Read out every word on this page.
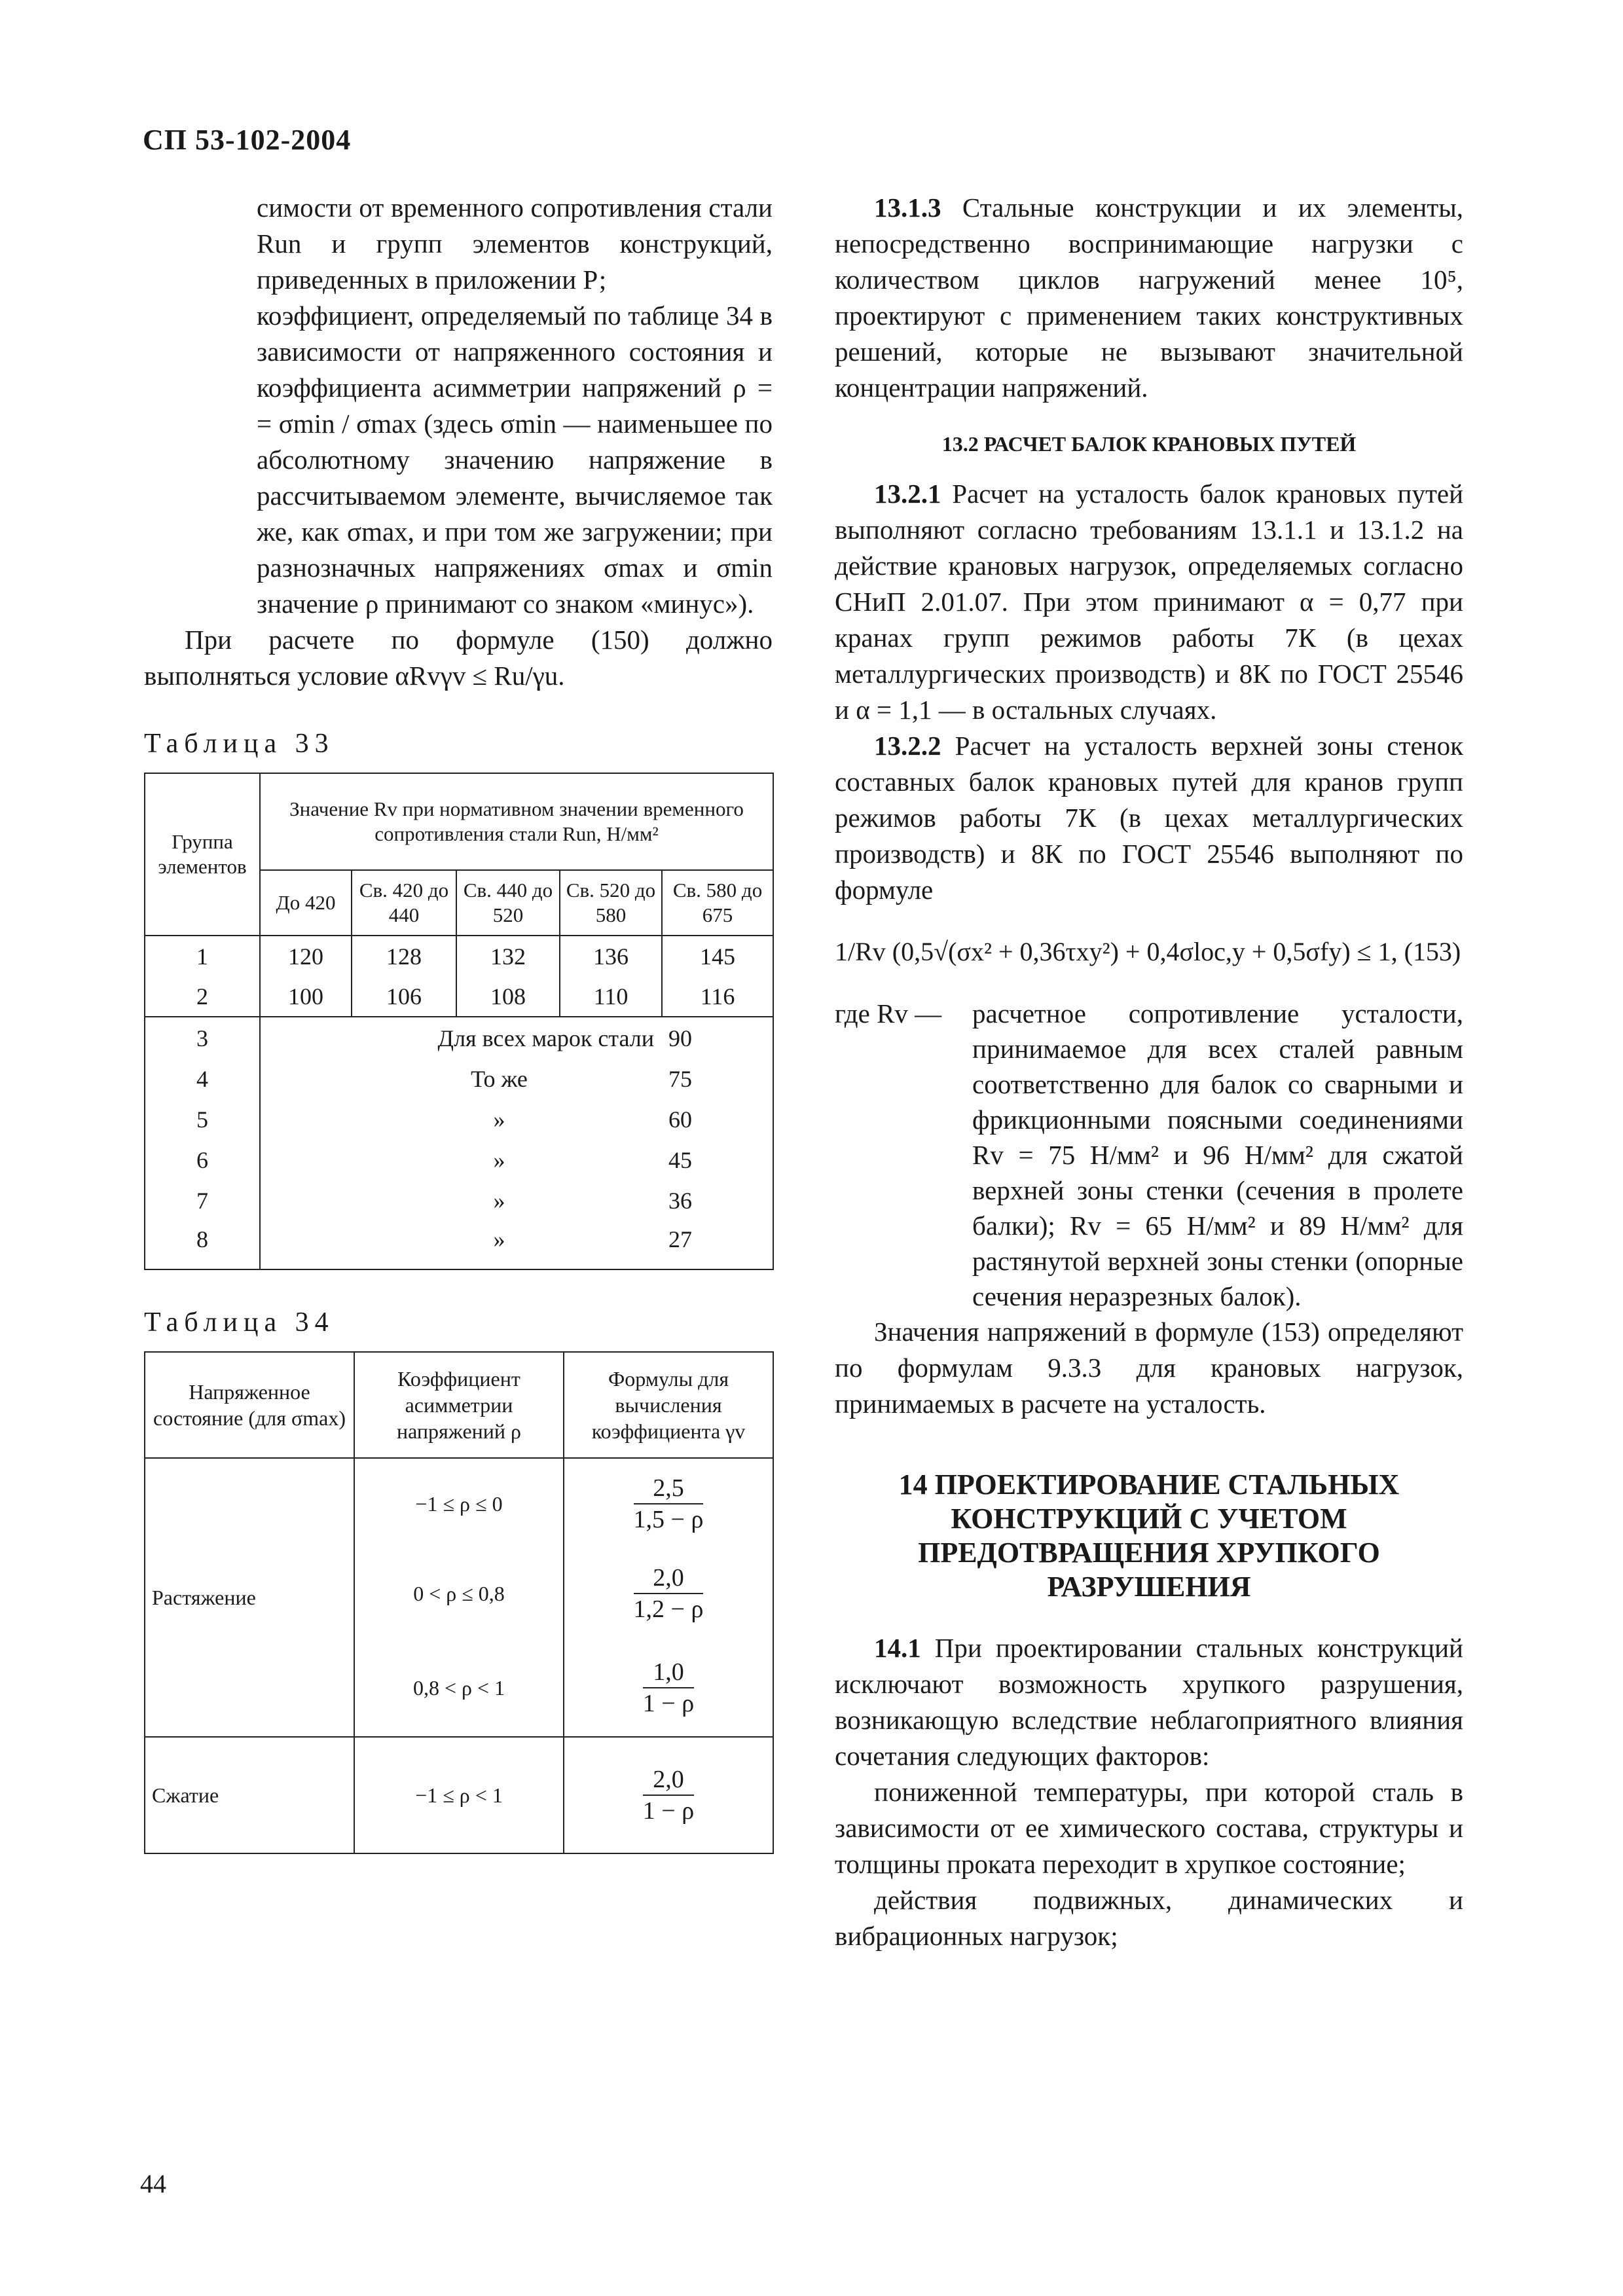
СП 53-102-2004

симости от временного сопротивления стали Run и групп элементов конструкций, приведенных в приложении Р;

коэффициент, определяемый по таблице 34 в зависимости от напряженного состояния и коэффициента асимметрии напряжений ρ = = σmin / σmax (здесь σmin — наименьшее по абсолютному значению напряжение в рассчитываемом элементе, вычисляемое так же, как σmax, и при том же загружении; при разнозначных напряжениях σmax и σmin значение ρ принимают со знаком «минус»).

При расчете по формуле (150) должно выполняться условие αRvγv ≤ Ru/γu.

Таблица 33

Группа элементов	Значение Rv при нормативном значении временного сопротивления стали Run, Н/мм²				
	До 420	Св. 420 до 440	Св. 440 до 520	Св. 520 до 580	Св. 580 до 675
1	120	128	132	136	145
2	100	106	108	110	116
3	Для всех марок стали				90
4	То же				75
5	»				60
6	»				45
7	»				36
8	»				27

Таблица 34

Напряженное состояние (для σmax)	Коэффициент асимметрии напряжений ρ	Формулы для вычисления коэффициента γv
Растяжение	−1 ≤ ρ ≤ 0	$\frac{2,5}{1,5 - \rho}$

	0 < ρ ≤ 0,8	$\frac{2,0}{1,2 - \rho}$

	0,8 < ρ < 1	$\frac{1,0}{1 - \rho}$

Сжатие	−1 ≤ ρ < 1	$\frac{2,0}{1 - \rho}$

13.1.3 Стальные конструкции и их элементы, непосредственно воспринимающие нагрузки с количеством циклов нагружений менее 10⁵, проектируют с применением таких конструктивных решений, которые не вызывают значительной концентрации напряжений.

13.2 РАСЧЕТ БАЛОК КРАНОВЫХ ПУТЕЙ

13.2.1 Расчет на усталость балок крановых путей выполняют согласно требованиям 13.1.1 и 13.1.2 на действие крановых нагрузок, определяемых согласно СНиП 2.01.07. При этом принимают α = 0,77 при кранах групп режимов работы 7К (в цехах металлургических производств) и 8К по ГОСТ 25546 и α = 1,1 — в остальных случаях.

13.2.2 Расчет на усталость верхней зоны стенок составных балок крановых путей для кранов групп режимов работы 7К (в цехах металлургических производств) и 8К по ГОСТ 25546 выполняют по формуле

1/Rv (0,5√(σx² + 0,36τxy²) + 0,4σloc,y + 0,5σfy) ≤ 1, (153)
где Rv —	расчетное сопротивление усталости, принимаемое для всех сталей равным соответственно для балок со сварными и фрикционными поясными соединениями Rv = 75 Н/мм² и 96 Н/мм² для сжатой верхней зоны стенки (сечения в пролете балки); Rv = 65 Н/мм² и 89 Н/мм² для растянутой верхней зоны стенки (опорные сечения неразрезных балок).

Значения напряжений в формуле (153) определяют по формулам 9.3.3 для крановых нагрузок, принимаемых в расчете на усталость.

14 ПРОЕКТИРОВАНИЕ СТАЛЬНЫХ КОНСТРУКЦИЙ С УЧЕТОМ ПРЕДОТВРАЩЕНИЯ ХРУПКОГО РАЗРУШЕНИЯ

14.1 При проектировании стальных конструкций исключают возможность хрупкого разрушения, возникающую вследствие неблагоприятного влияния сочетания следующих факторов:

пониженной температуры, при которой сталь в зависимости от ее химического состава, структуры и толщины проката переходит в хрупкое состояние;

действия подвижных, динамических и вибрационных нагрузок;

44
